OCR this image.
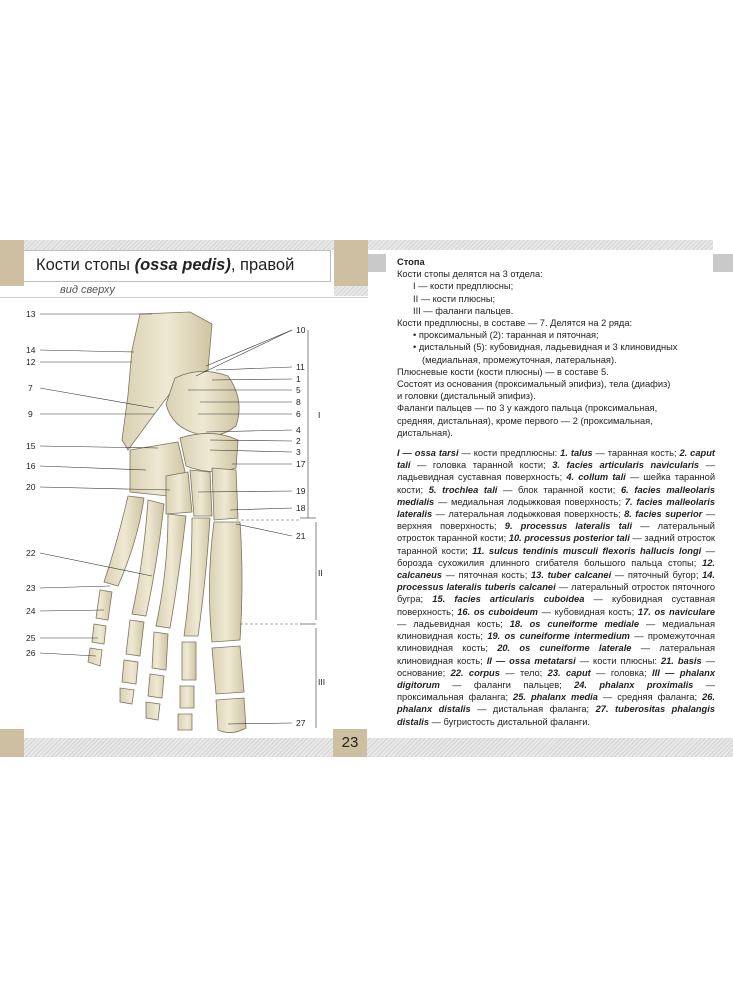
Кости стопы (ossa pedis), правой
вид сверху
13
14
12
7
9
15
16
20
22
23
24
25
26
10
11
1
5
8
6
4
2
3
17
19
18
21
27
I
II
III
23

Стопа

Кости стопы делятся на 3 отдела:

I — кости предплюсны;

II — кости плюсны;

III — фаланги пальцев.

Кости предплюсны, в составе — 7. Делятся на 2 ряда:

• проксимальный (2): таранная и пяточная;

• дистальный (5): кубовидная, ладьевидная и 3 клиновидных

(медиальная, промежуточная, латеральная).

Плюсневые кости (кости плюсны) — в составе 5.

Состоят из основания (проксимальный эпифиз), тела (диафиз)

и головки (дистальный эпифиз).

Фаланги пальцев — по 3 у каждого пальца (проксимальная,

средняя, дистальная), кроме первого — 2 (проксимальная,

дистальная).

I — ossa tarsi — кости предплюсны: 1. talus — таранная кость; 2. caput tali — головка таранной кости; 3. facies articularis navicularis — ладьевидная суставная поверхность; 4. collum tali — шейка таранной кости; 5. trochlea tali — блок таранной кости; 6. facies malleolaris medialis — медиальная лодыжковая поверхность; 7. facies malleolaris lateralis — латеральная лодыжковая поверхность; 8. facies superior — верхняя поверхность; 9. processus lateralis tali — латеральный отросток таранной кости; 10. processus posterior tali — задний отросток таранной кости; 11. sulcus tendinis musculi flexoris hallucis longi — борозда сухожилия длинного сгибателя большого пальца стопы; 12. calcaneus — пяточная кость; 13. tuber calcanei — пяточный бугор; 14. processus lateralis tuberis calcanei — латеральный отросток пяточного бугра; 15. facies articularis cuboidea — кубовидная суставная поверхность; 16. os cuboideum — кубовидная кость; 17. os naviculare — ладьевидная кость; 18. os cuneiforme mediale — медиальная клиновидная кость; 19. os cuneiforme intermedium — промежуточная клиновидная кость; 20. os cuneiforme laterale — латеральная клиновидная кость; II — ossa metatarsi — кости плюсны: 21. basis — основание; 22. corpus — тело; 23. caput — головка; III — phalanx digitorum — фаланги пальцев; 24. phalanx proximalis — проксимальная фаланга; 25. phalanx media — средняя фаланга; 26. phalanx distalis — дистальная фаланга; 27. tuberositas phalangis distalis — бугристость дистальной фаланги.
